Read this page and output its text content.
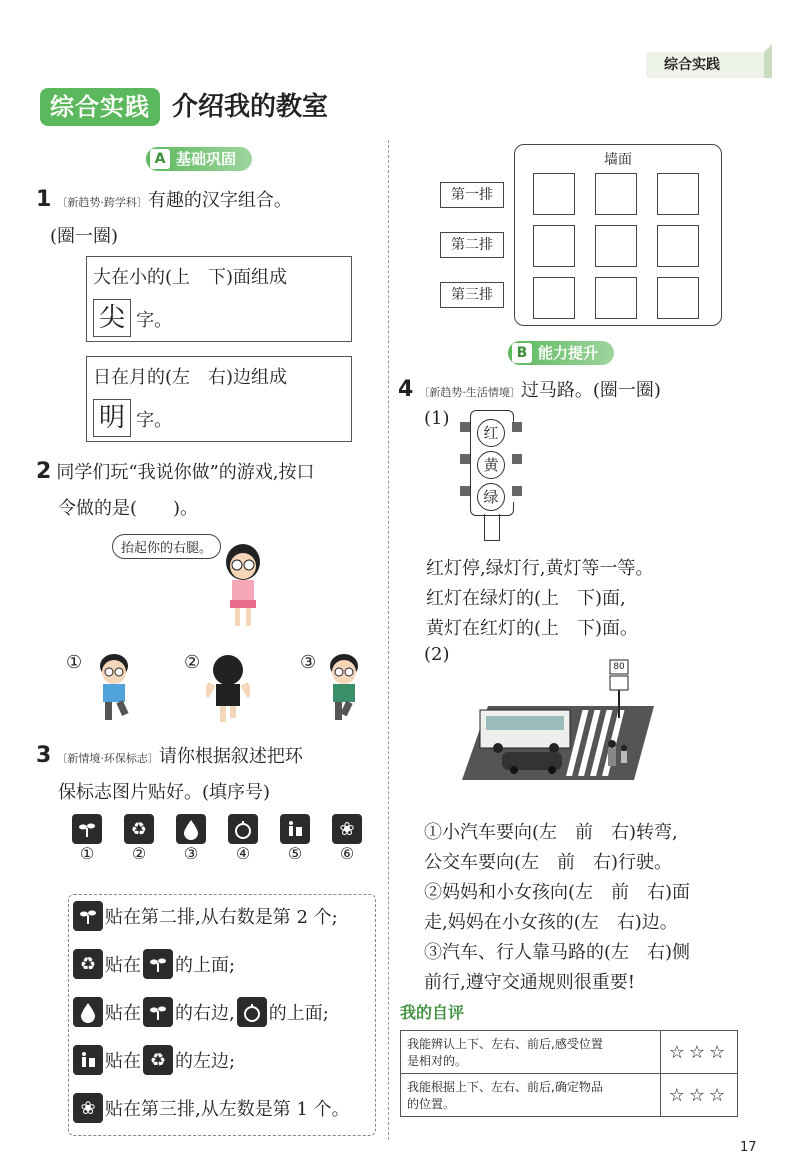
综合实践
综合实践 介绍我的教室
A 基础巩固
1 〔新趋势·跨学科〕有趣的汉字组合。
(圈一圈)
大在小的(上　下)面组成
尖 字。
日在月的(左　右)边组成
明 字。
2 同学们玩“我说你做”的游戏,按口
令做的是(　　)。
抬起你的右腿。
①	②	③
3 〔新情境·环保标志〕请你根据叙述把环
保标志图片贴好。(填序号)
①
♻
②	③	④	⑤
❀
⑥
贴在第二排,从右数是第 2 个;
♻ 贴在 的上面;
贴在 的右边, 的上面;
贴在 ♻ 的左边;
❀ 贴在第三排,从左数是第 1 个。
墙面
第一排
第二排
第三排
B 能力提升
4 〔新趋势·生活情境〕过马路。(圈一圈)
(1)
红
黄
绿
红灯停,绿灯行,黄灯等一等。
红灯在绿灯的(上　下)面,
黄灯在红灯的(上　下)面。
(2)
80
①小汽车要向(左　前　右)转弯,
公交车要向(左　前　右)行驶。
②妈妈和小女孩向(左　前　右)面
走,妈妈在小女孩的(左　右)边。
③汽车、行人靠马路的(左　右)侧
前行,遵守交通规则很重要!
我的自评
我能辨认上下、左右、前后,感受位置
是相对的。	☆☆☆

我能根据上下、左右、前后,确定物品
的位置。	☆☆☆
17
